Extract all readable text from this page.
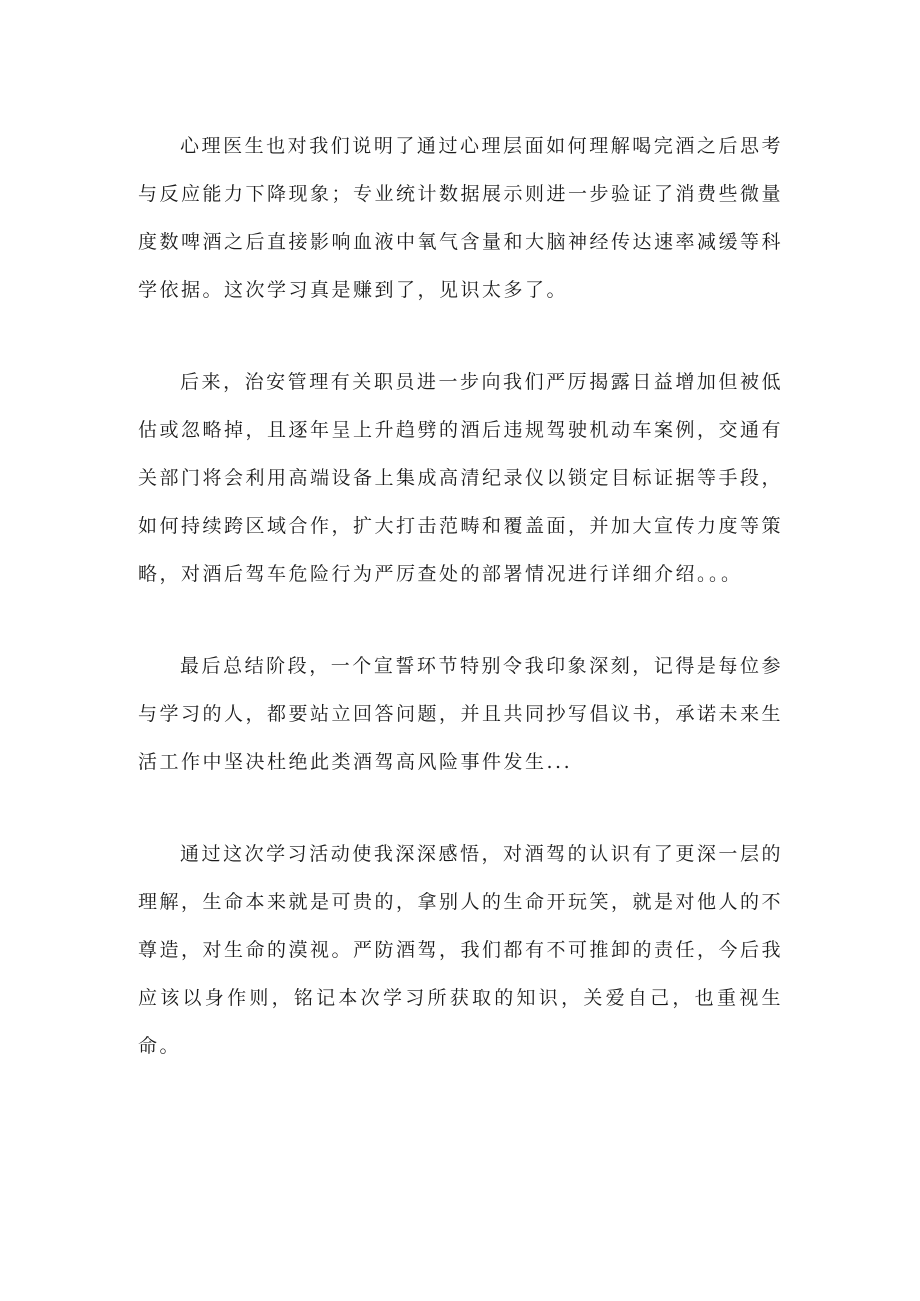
心理医生也对我们说明了通过心理层面如何理解喝完酒之后思考与反应能力下降现象；专业统计数据展示则进一步验证了消费些微量度数啤酒之后直接影响血液中氧气含量和大脑神经传达速率减缓等科学依据。这次学习真是赚到了，见识太多了。

后来，治安管理有关职员进一步向我们严厉揭露日益增加但被低估或忽略掉，且逐年呈上升趋劈的酒后违规驾驶机动车案例，交通有关部门将会利用高端设备上集成高清纪录仪以锁定目标证据等手段，如何持续跨区域合作，扩大打击范畴和覆盖面，并加大宣传力度等策略，对酒后驾车危险行为严厉查处的部署情况进行详细介绍。。。

最后总结阶段，一个宣誓环节特别令我印象深刻，记得是每位参与学习的人，都要站立回答问题，并且共同抄写倡议书，承诺未来生活工作中坚决杜绝此类酒驾高风险事件发生...

通过这次学习活动使我深深感悟，对酒驾的认识有了更深一层的理解，生命本来就是可贵的，拿别人的生命开玩笑，就是对他人的不尊造，对生命的漠视。严防酒驾，我们都有不可推卸的责任，今后我应该以身作则，铭记本次学习所获取的知识，关爱自己，也重视生命。
